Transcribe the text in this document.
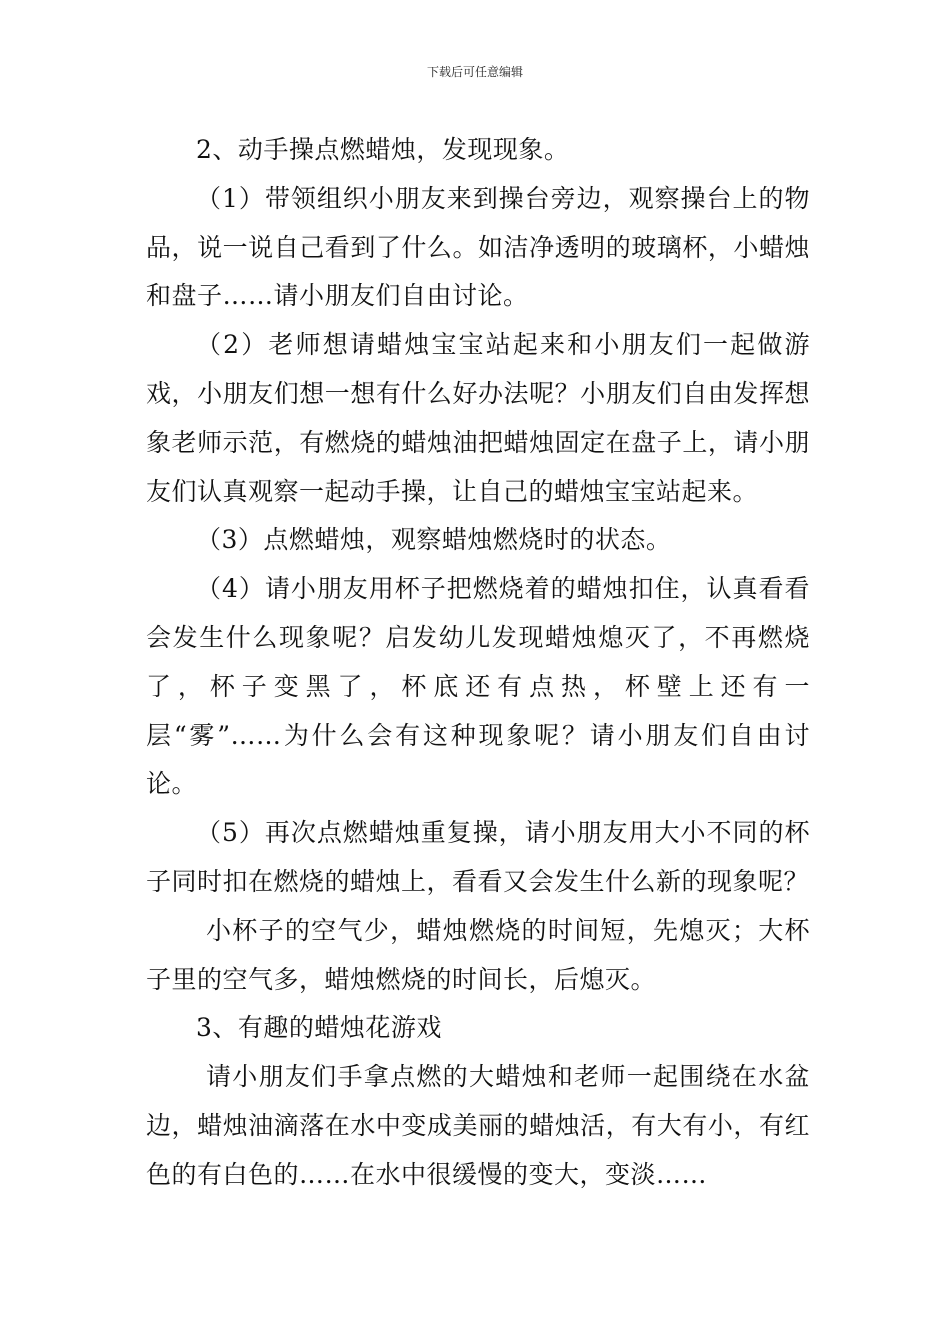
下载后可任意编辑

2、动手操点燃蜡烛，发现现象。

（1）带领组织小朋友来到操台旁边，观察操台上的物品，说一说自己看到了什么。如洁净透明的玻璃杯，小蜡烛和盘子……请小朋友们自由讨论。

（2）老师想请蜡烛宝宝站起来和小朋友们一起做游戏，小朋友们想一想有什么好办法呢？小朋友们自由发挥想象老师示范，有燃烧的蜡烛油把蜡烛固定在盘子上，请小朋友们认真观察一起动手操，让自己的蜡烛宝宝站起来。

（3）点燃蜡烛，观察蜡烛燃烧时的状态。

（4）请小朋友用杯子把燃烧着的蜡烛扣住，认真看看会发生什么现象呢？启发幼儿发现蜡烛熄灭了，不再燃烧了，杯子变黑了，杯底还有点热，杯壁上还有一层“雾”……为什么会有这种现象呢？请小朋友们自由讨论。

（5）再次点燃蜡烛重复操，请小朋友用大小不同的杯子同时扣在燃烧的蜡烛上，看看又会发生什么新的现象呢？

小杯子的空气少，蜡烛燃烧的时间短，先熄灭；大杯子里的空气多，蜡烛燃烧的时间长，后熄灭。

3、有趣的蜡烛花游戏

请小朋友们手拿点燃的大蜡烛和老师一起围绕在水盆边，蜡烛油滴落在水中变成美丽的蜡烛活，有大有小，有红色的有白色的……在水中很缓慢的变大，变淡……
